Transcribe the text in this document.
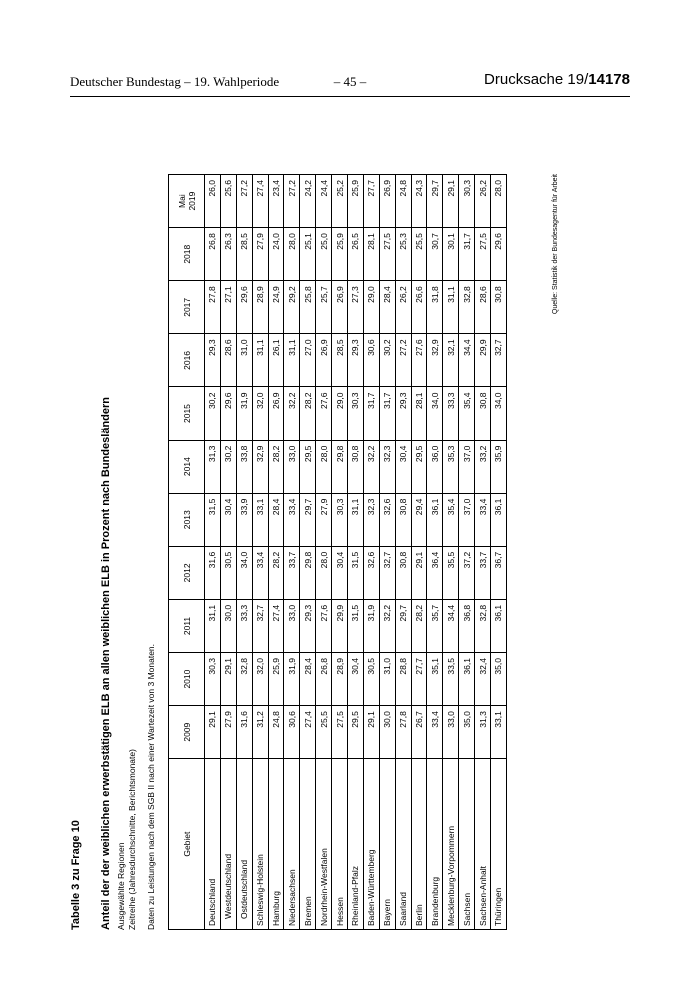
Deutscher Bundestag – 19. Wahlperiode	– 45 –	Drucksache 19/14178
Tabelle 3 zu Frage 10 Anteil der der weiblichen erwerbstätigen ELB an allen weiblichen ELB in Prozent nach Bundesländern Ausgewählte Regionen Zeitreihe (Jahresdurchschnitte, Berichtsmonate) Daten zu Leistungen nach dem SGB II nach einer Wartezeit von 3 Monaten.	Gebiet	2009	2010	2011	2012	2013	2014	2015	2016	2017	2018	Mai
2019
Deutschland	29,1	30,3	31,1	31,6	31,5	31,3	30,2	29,3	27,8	26,8	26,0
Westdeutschland	27,9	29,1	30,0	30,5	30,4	30,2	29,6	28,6	27,1	26,3	25,6
Ostdeutschland	31,6	32,8	33,3	34,0	33,9	33,8	31,9	31,0	29,6	28,5	27,2
Schleswig-Holstein	31,2	32,0	32,7	33,4	33,1	32,9	32,0	31,1	28,9	27,9	27,4
Hamburg	24,8	25,9	27,4	28,2	28,4	28,2	26,9	26,1	24,9	24,0	23,4
Niedersachsen	30,6	31,9	33,0	33,7	33,4	33,0	32,2	31,1	29,2	28,0	27,2
Bremen	27,4	28,4	29,3	29,8	29,7	29,5	28,2	27,0	25,8	25,1	24,2
Nordrhein-Westfalen	25,5	26,8	27,6	28,0	27,9	28,0	27,6	26,9	25,7	25,0	24,4
Hessen	27,5	28,9	29,9	30,4	30,3	29,8	29,0	28,5	26,9	25,9	25,2
Rheinland-Pfalz	29,5	30,4	31,5	31,5	31,1	30,8	30,3	29,3	27,3	26,5	25,9
Baden-Württemberg	29,1	30,5	31,9	32,6	32,3	32,2	31,7	30,6	29,0	28,1	27,7
Bayern	30,0	31,0	32,2	32,7	32,6	32,3	31,7	30,2	28,4	27,5	26,9
Saarland	27,8	28,8	29,7	30,8	30,8	30,4	29,3	27,2	26,2	25,3	24,8
Berlin	26,7	27,7	28,2	29,1	29,4	29,5	28,1	27,6	26,6	25,5	24,3
Brandenburg	33,4	35,1	35,7	36,4	36,1	36,0	34,0	32,9	31,8	30,7	29,7
Mecklenburg-Vorpommern	33,0	33,5	34,4	35,5	35,4	35,3	33,3	32,1	31,1	30,1	29,1
Sachsen	35,0	36,1	36,8	37,2	37,0	37,0	35,4	34,4	32,8	31,7	30,3
Sachsen-Anhalt	31,3	32,4	32,8	33,7	33,4	33,2	30,8	29,9	28,6	27,5	26,2
Thüringen	33,1	35,0	36,1	36,7	36,1	35,9	34,0	32,7	30,8	29,6	28,0	Quelle: Statistik der Bundesagentur für Arbeit
